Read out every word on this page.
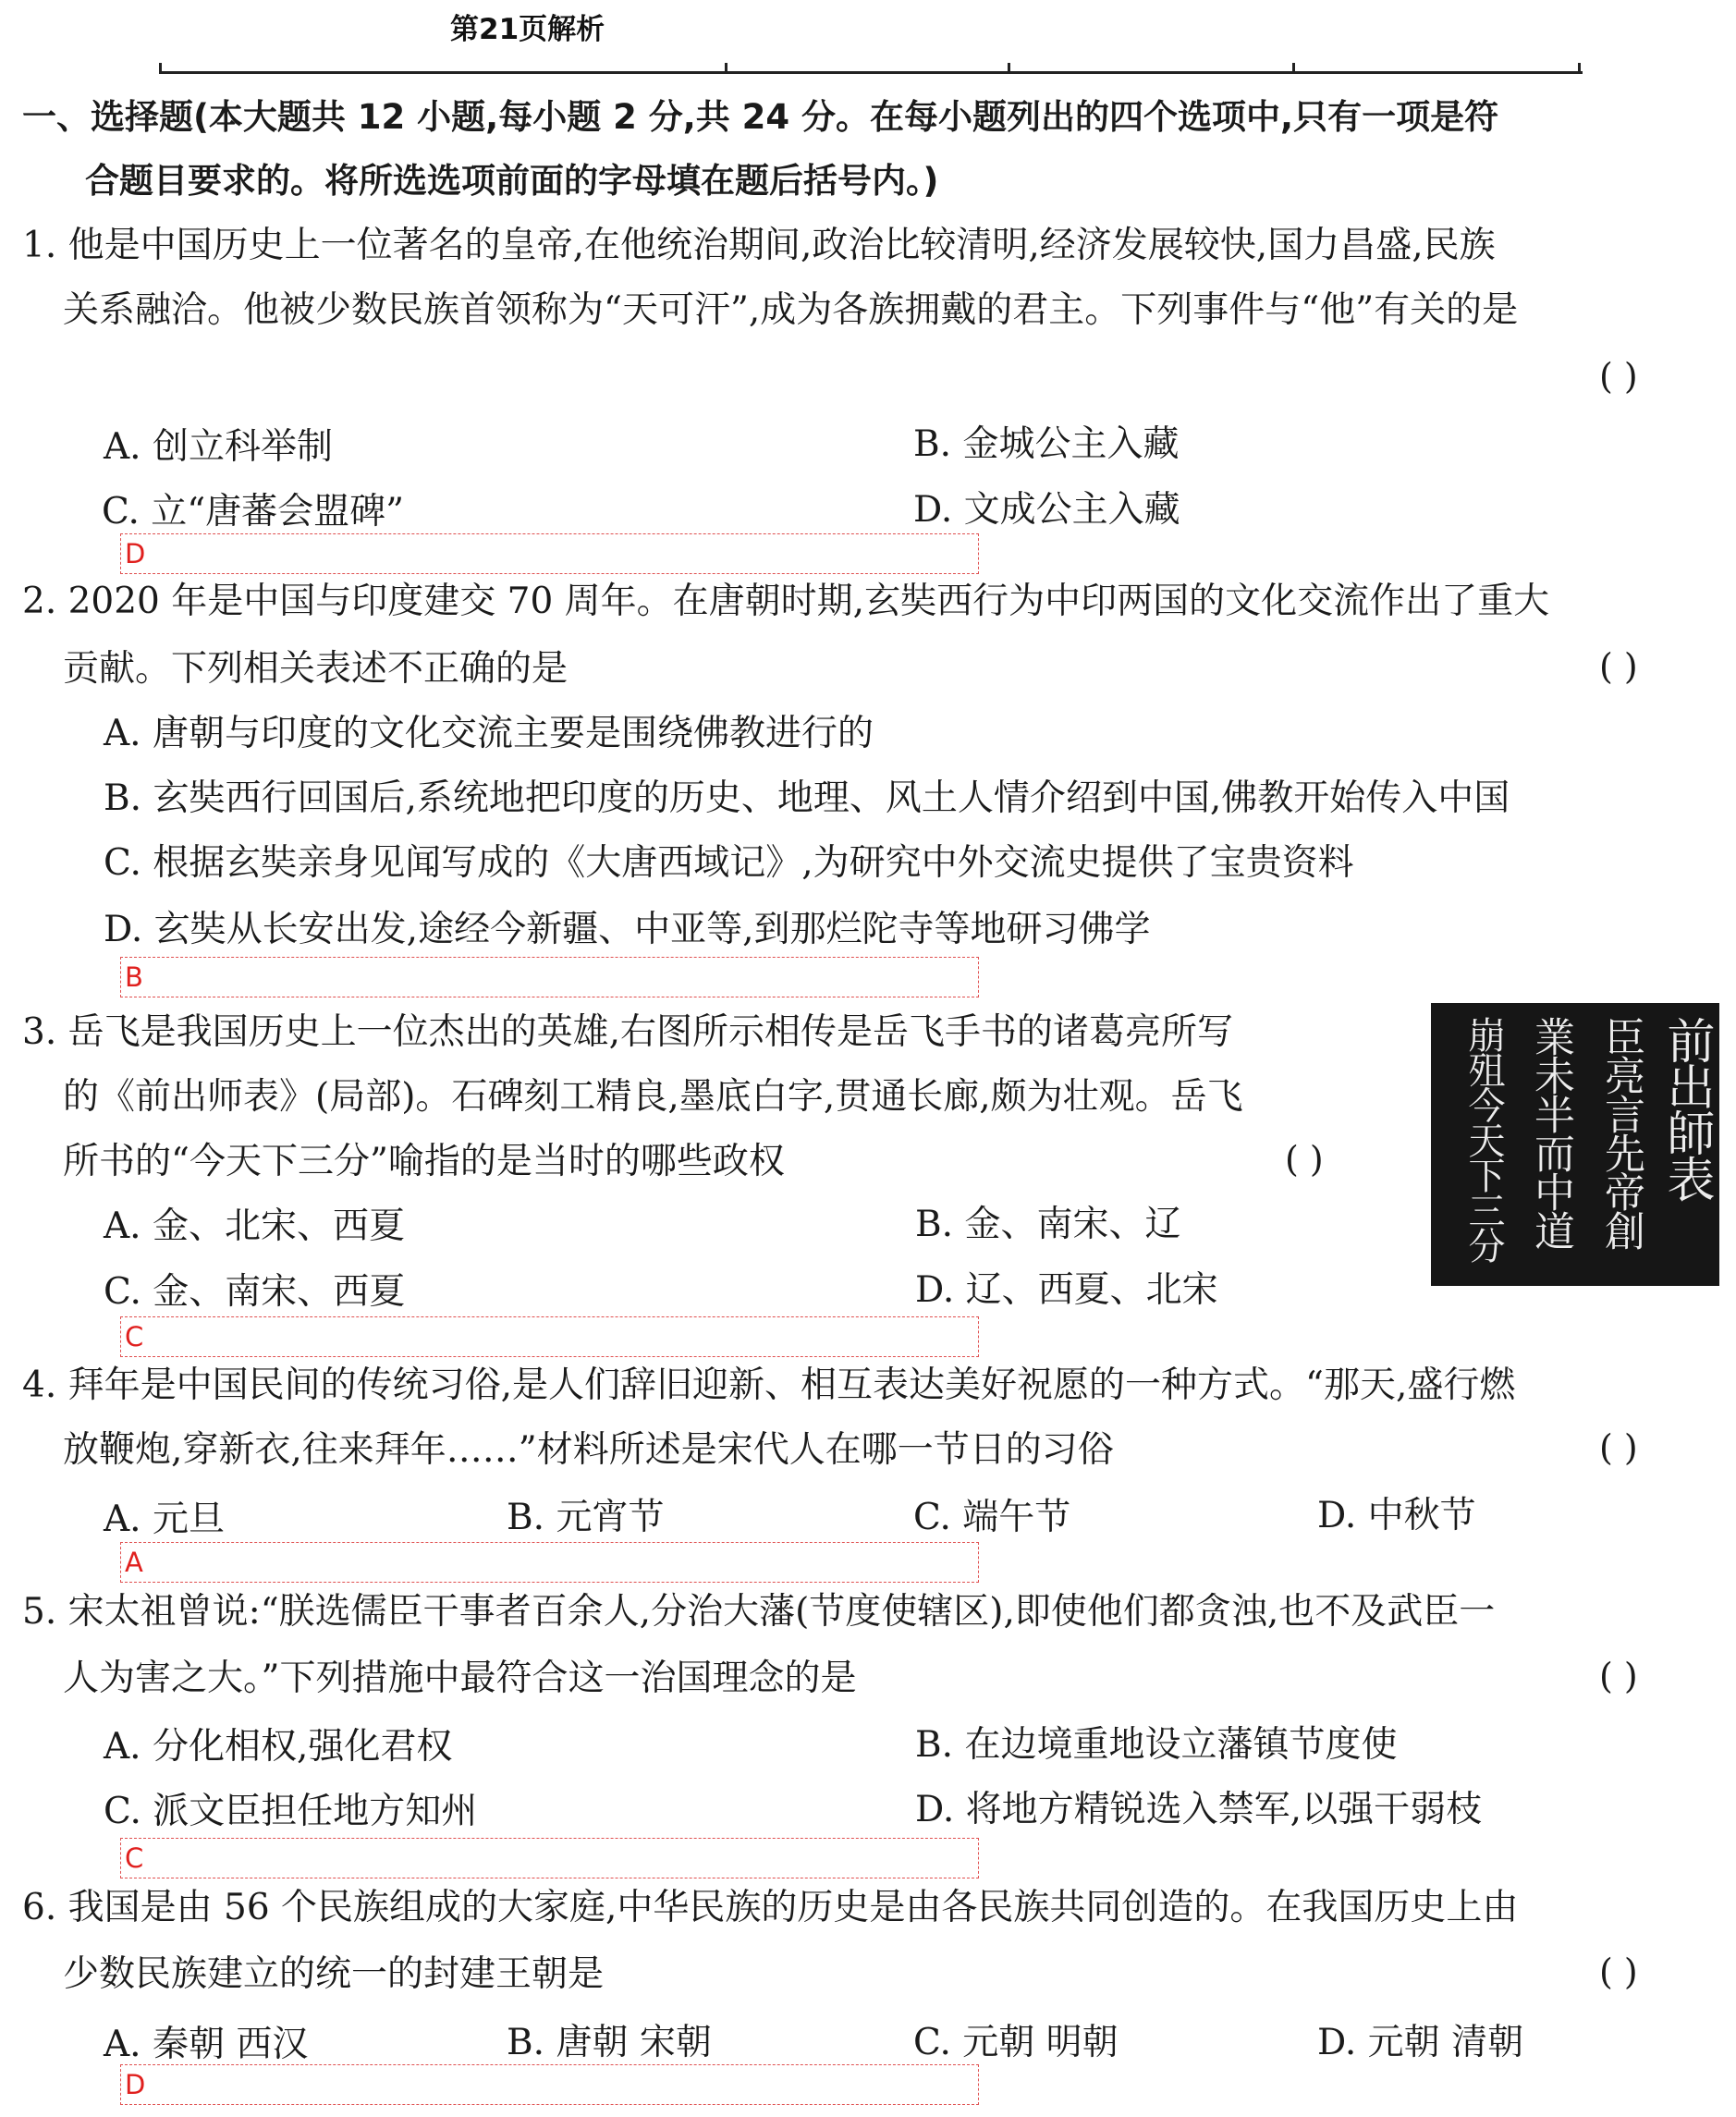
第21页解析
一、选择题(本大题共 12 小题,每小题 2 分,共 24 分。在每小题列出的四个选项中,只有一项是符
合题目要求的。将所选选项前面的字母填在题后括号内。)
1. 他是中国历史上一位著名的皇帝,在他统治期间,政治比较清明,经济发展较快,国力昌盛,民族
关系融洽。他被少数民族首领称为“天可汗”,成为各族拥戴的君主。下列事件与“他”有关的是
( )
A. 创立科举制	B. 金城公主入藏
C. 立“唐蕃会盟碑”	D. 文成公主入藏
D
2. 2020 年是中国与印度建交 70 周年。在唐朝时期,玄奘西行为中印两国的文化交流作出了重大
贡献。下列相关表述不正确的是	( )
A. 唐朝与印度的文化交流主要是围绕佛教进行的
B. 玄奘西行回国后,系统地把印度的历史、地理、风土人情介绍到中国,佛教开始传入中国
C. 根据玄奘亲身见闻写成的《大唐西域记》,为研究中外交流史提供了宝贵资料
D. 玄奘从长安出发,途经今新疆、中亚等,到那烂陀寺等地研习佛学
B
3. 岳飞是我国历史上一位杰出的英雄,右图所示相传是岳飞手书的诸葛亮所写
的《前出师表》(局部)。石碑刻工精良,墨底白字,贯通长廊,颇为壮观。岳飞
所书的“今天下三分”喻指的是当时的哪些政权	( )
A. 金、北宋、西夏	B. 金、南宋、辽
C. 金、南宋、西夏	D. 辽、西夏、北宋
C
前出師表
臣亮言先帝創
業未半而中道
崩殂今天下三分
4. 拜年是中国民间的传统习俗,是人们辞旧迎新、相互表达美好祝愿的一种方式。“那天,盛行燃
放鞭炮,穿新衣,往来拜年……”材料所述是宋代人在哪一节日的习俗	( )
A. 元旦	B. 元宵节	C. 端午节	D. 中秋节
A
5. 宋太祖曾说:“朕选儒臣干事者百余人,分治大藩(节度使辖区),即使他们都贪浊,也不及武臣一
人为害之大。”下列措施中最符合这一治国理念的是	( )
A. 分化相权,强化君权	B. 在边境重地设立藩镇节度使
C. 派文臣担任地方知州	D. 将地方精锐选入禁军,以强干弱枝
C
6. 我国是由 56 个民族组成的大家庭,中华民族的历史是由各民族共同创造的。在我国历史上由
少数民族建立的统一的封建王朝是	( )
A. 秦朝 西汉	B. 唐朝 宋朝	C. 元朝 明朝	D. 元朝 清朝
D
